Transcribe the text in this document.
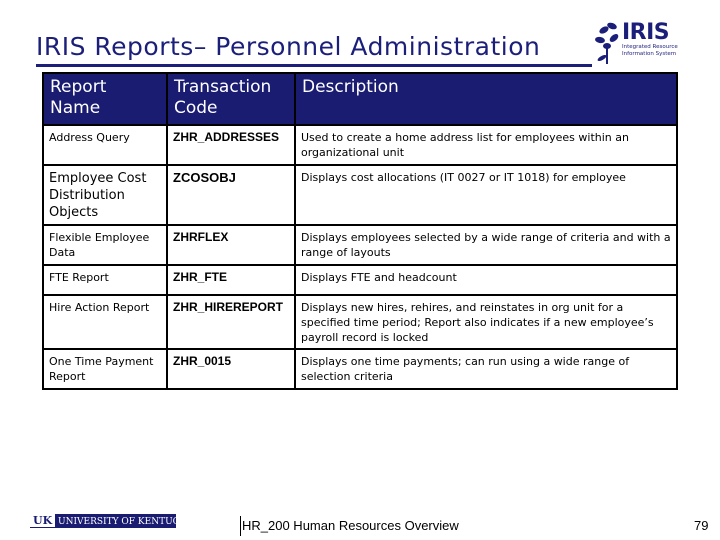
IRIS Reports– Personnel Administration	IRIS
Integrated Resource Information System
Report Name	Transaction Code	Description
Address Query	ZHR_ADDRESSES	Used to create a home address list for employees within an organizational unit
Employee Cost Distribution Objects	ZCOSOBJ	Displays cost allocations (IT 0027 or IT 1018) for employee
Flexible Employee Data	ZHRFLEX	Displays employees selected by a wide range of criteria and with a range of layouts
FTE Report	ZHR_FTE	Displays FTE and headcount
Hire Action Report	ZHR_HIREREPORT	Displays new hires, rehires, and reinstates in org unit for a specified time period; Report also indicates if a new employee’s payroll record is locked
One Time Payment Report	ZHR_0015	Displays one time payments; can run using a wide range of selection criteria
UK UNIVERSITY OF KENTUCKY	HR_200 Human Resources Overview	79
